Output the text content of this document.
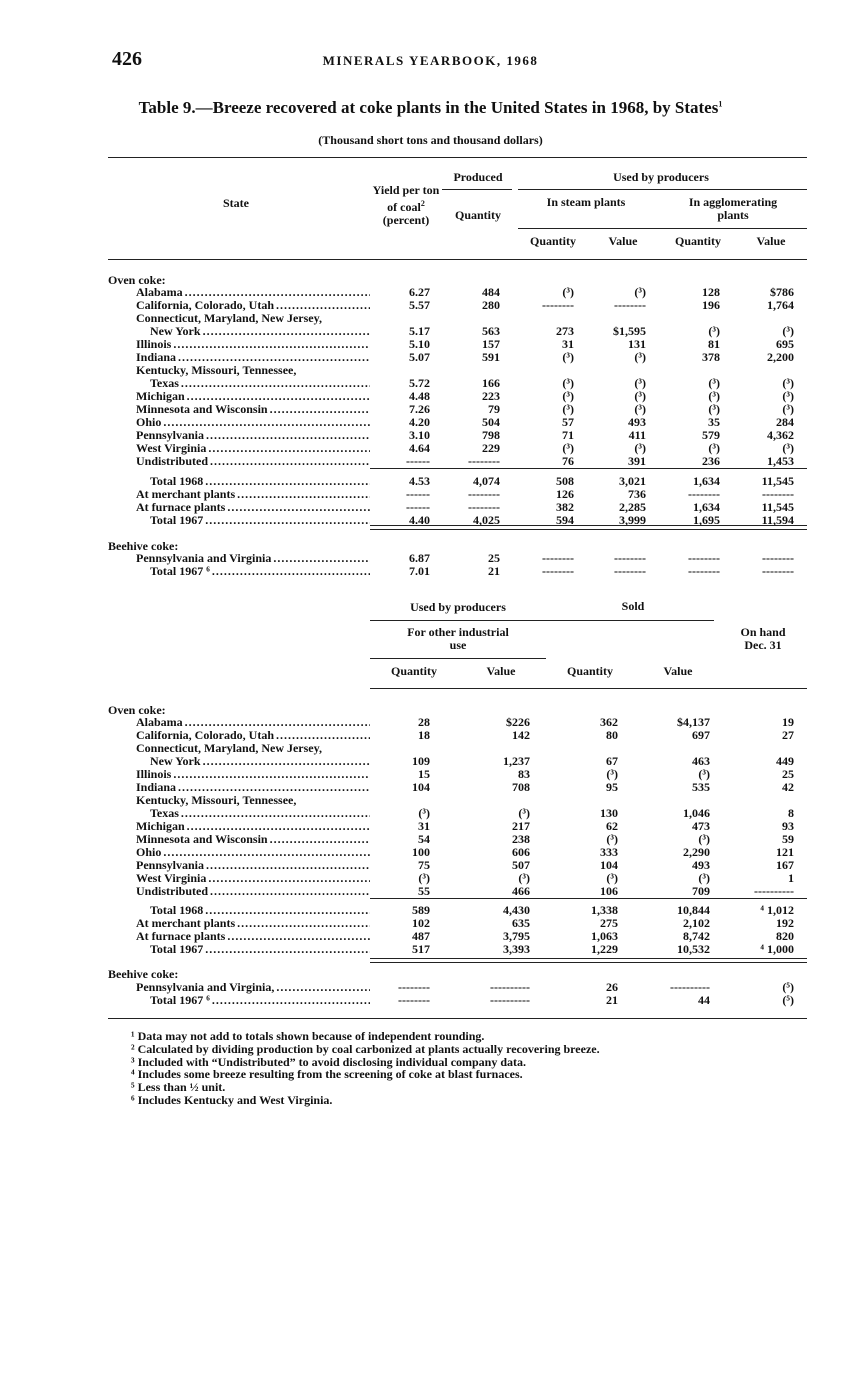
426	MINERALS YEARBOOK, 1968
Table 9.—Breeze recovered at coke plants in the United States in 1968, by States$^1$
(Thousand short tons and thousand dollars)
State
Yield per ton of coal$^2$
(percent)
Produced
Quantity
Used by producers
In steam plants	In agglomerating plants
Quantity	Value	Quantity	Value
Oven coke:
Alabama . . .	6.27	484	(³)	(³)	128	$786
California, Colorado, Utah . . .	5.57	280	--------	--------	196	1,764
Connecticut, Maryland, New Jersey,
New York . . .	5.17	563	273	$1,595	(³)	(³)
Illinois . . .	5.10	157	31	131	81	695
Indiana . . .	5.07	591	(³)	(³)	378	2,200
Kentucky, Missouri, Tennessee,
Texas . . .	5.72	166	(³)	(³)	(³)	(³)
Michigan . . .	4.48	223	(³)	(³)	(³)	(³)
Minnesota and Wisconsin . . .	7.26	79	(³)	(³)	(³)	(³)
Ohio . . .	4.20	504	57	493	35	284
Pennsylvania . . .	3.10	798	71	411	579	4,362
West Virginia . . .	4.64	229	(³)	(³)	(³)	(³)
Undistributed . . .	------	--------	76	391	236	1,453
Total 1968 . . .	4.53	4,074	508	3,021	1,634	11,545
At merchant plants . . .	------	--------	126	736	--------	--------
At furnace plants . . .	------	--------	382	2,285	1,634	11,545
Total 1967 . . .	4.40	4,025	594	3,999	1,695	11,594
Pennsylvania and Virginia . . .	6.87	25	--------	--------	--------	--------
Total 1967 ⁶ . . .	7.01	21	--------	--------	--------	--------
Beehive coke:
Used by producers	Sold
For other industrial use
On hand Dec. 31
Quantity	Value	Quantity	Value
Oven coke:
Alabama . . .	28	$226	362	$4,137	19
California, Colorado, Utah . . .	18	142	80	697	27
Connecticut, Maryland, New Jersey,
New York . . .	109	1,237	67	463	449
Illinois . . .	15	83	(³)	(³)	25
Indiana . . .	104	708	95	535	42
Kentucky, Missouri, Tennessee,
Texas . . .	(³)	(³)	130	1,046	8
Michigan . . .	31	217	62	473	93
Minnesota and Wisconsin . . .	54	238	(³)	(³)	59
Ohio . . .	100	606	333	2,290	121
Pennsylvania . . .	75	507	104	493	167
West Virginia . . .	(³)	(³)	(³)	(³)	1
Undistributed . . .	55	466	106	709	----------
Total 1968 . . .	589	4,430	1,338	10,844	⁴ 1,012
At merchant plants . . .	102	635	275	2,102	192
At furnace plants . . .	487	3,795	1,063	8,742	820
Total 1967 . . .	517	3,393	1,229	10,532	⁴ 1,000
Pennsylvania and Virginia, . . .	--------	----------	26	----------	(⁵)
Total 1967 ⁶ . . .	--------	----------	21	44	(⁵)
Beehive coke:
¹ Data may not add to totals shown because of independent rounding.
² Calculated by dividing production by coal carbonized at plants actually recovering breeze.
³ Included with “Undistributed” to avoid disclosing individual company data.
⁴ Includes some breeze resulting from the screening of coke at blast furnaces.
⁵ Less than ½ unit.
⁶ Includes Kentucky and West Virginia.
